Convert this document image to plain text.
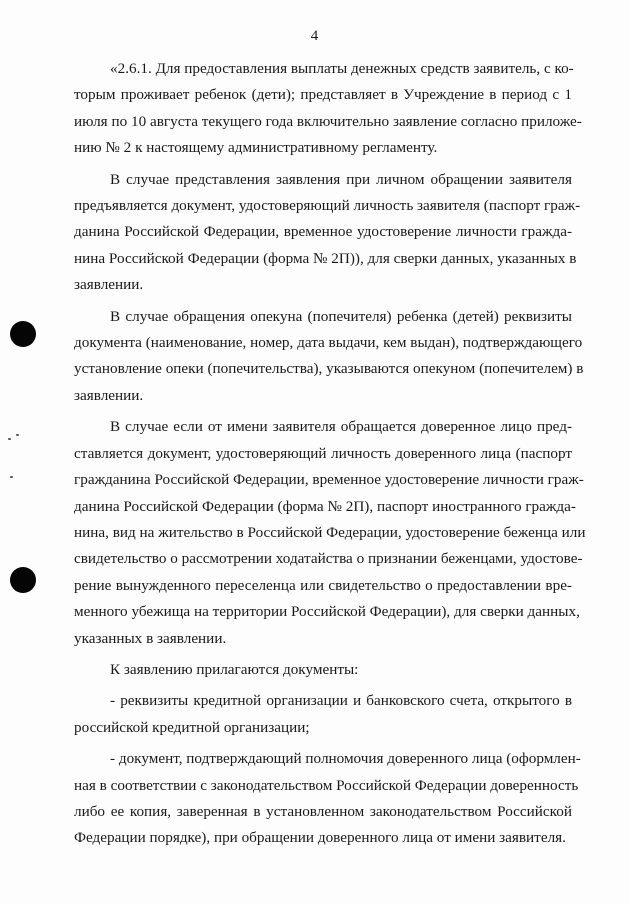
4
«2.6.1. Для предоставления выплаты денежных средств заявитель, с ко-
торым проживает ребенок (дети); представляет в Учреждение в период с 1
июля по 10 августа текущего года включительно заявление согласно приложе-
нию № 2 к настоящему административному регламенту.
В случае представления заявления при личном обращении заявителя
предъявляется документ, удостоверяющий личность заявителя (паспорт граж-
данина Российской Федерации, временное удостоверение личности гражда-
нина Российской Федерации (форма № 2П)), для сверки данных, указанных в
заявлении.
В случае обращения опекуна (попечителя) ребенка (детей) реквизиты
документа (наименование, номер, дата выдачи, кем выдан), подтверждающего
установление опеки (попечительства), указываются опекуном (попечителем) в
заявлении.
В случае если от имени заявителя обращается доверенное лицо пред-
ставляется документ, удостоверяющий личность доверенного лица (паспорт
гражданина Российской Федерации, временное удостоверение личности граж-
данина Российской Федерации (форма № 2П), паспорт иностранного гражда-
нина, вид на жительство в Российской Федерации, удостоверение беженца или
свидетельство о рассмотрении ходатайства о признании беженцами, удостове-
рение вынужденного переселенца или свидетельство о предоставлении вре-
менного убежища на территории Российской Федерации), для сверки данных,
указанных в заявлении.
К заявлению прилагаются документы:
- реквизиты кредитной организации и банковского счета, открытого в
российской кредитной организации;
- документ, подтверждающий полномочия доверенного лица (оформлен-
ная в соответствии с законодательством Российской Федерации доверенность
либо ее копия, заверенная в установленном законодательством Российской
Федерации порядке), при обращении доверенного лица от имени заявителя.
